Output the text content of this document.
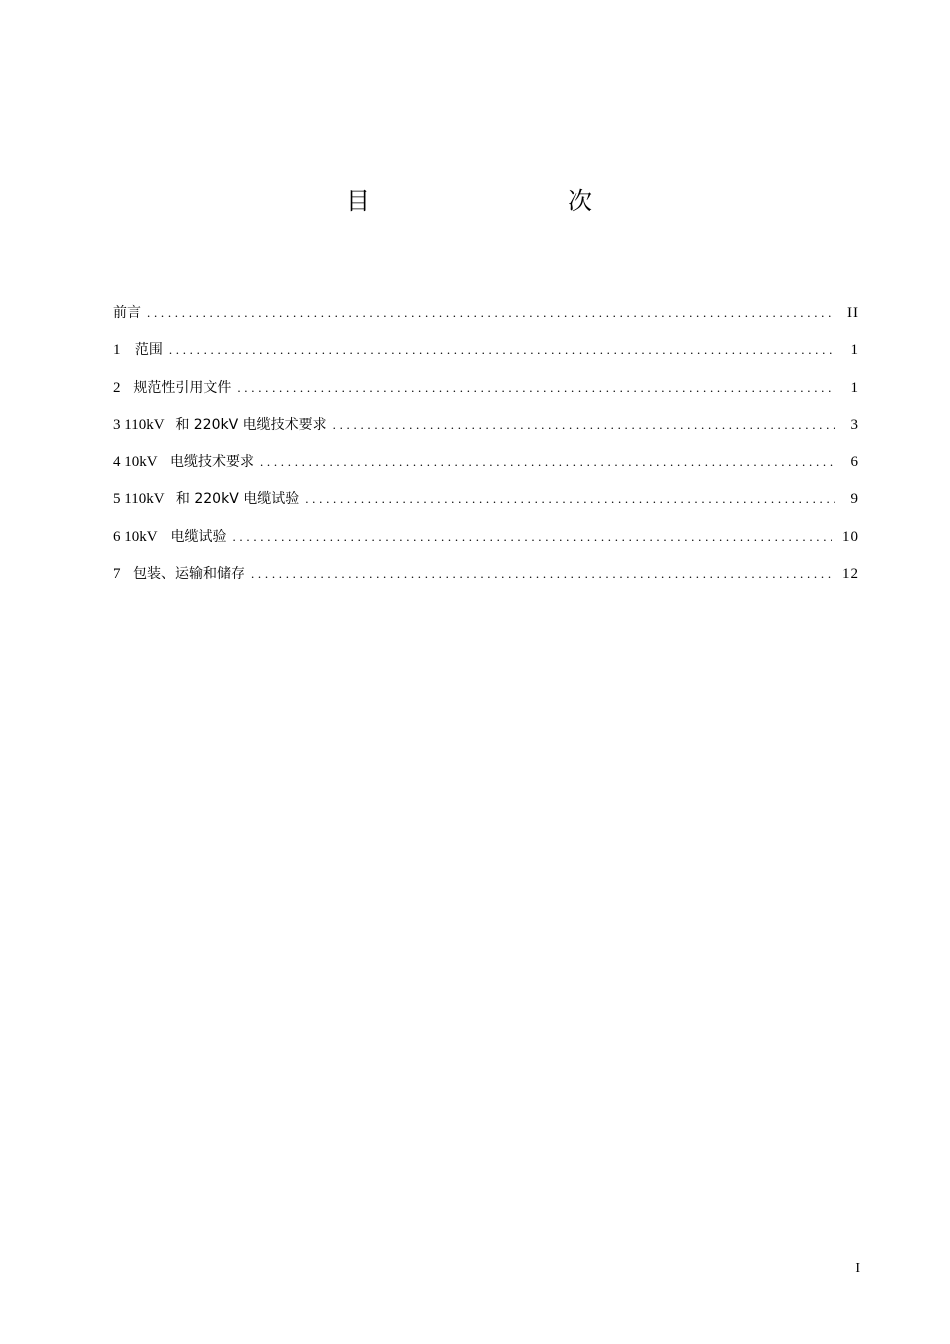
目　　次
前言 .....	II
1 范围 .....	1
2 规范性引用文件 .....	1
3 110kV 和 220kV 电缆技术要求 .....	3
4 10kV 电缆技术要求 .....	6
5 110kV 和 220kV 电缆试验 .....	9
6 10kV 电缆试验 .....	10
7 包装、运输和储存 .....	12
I
